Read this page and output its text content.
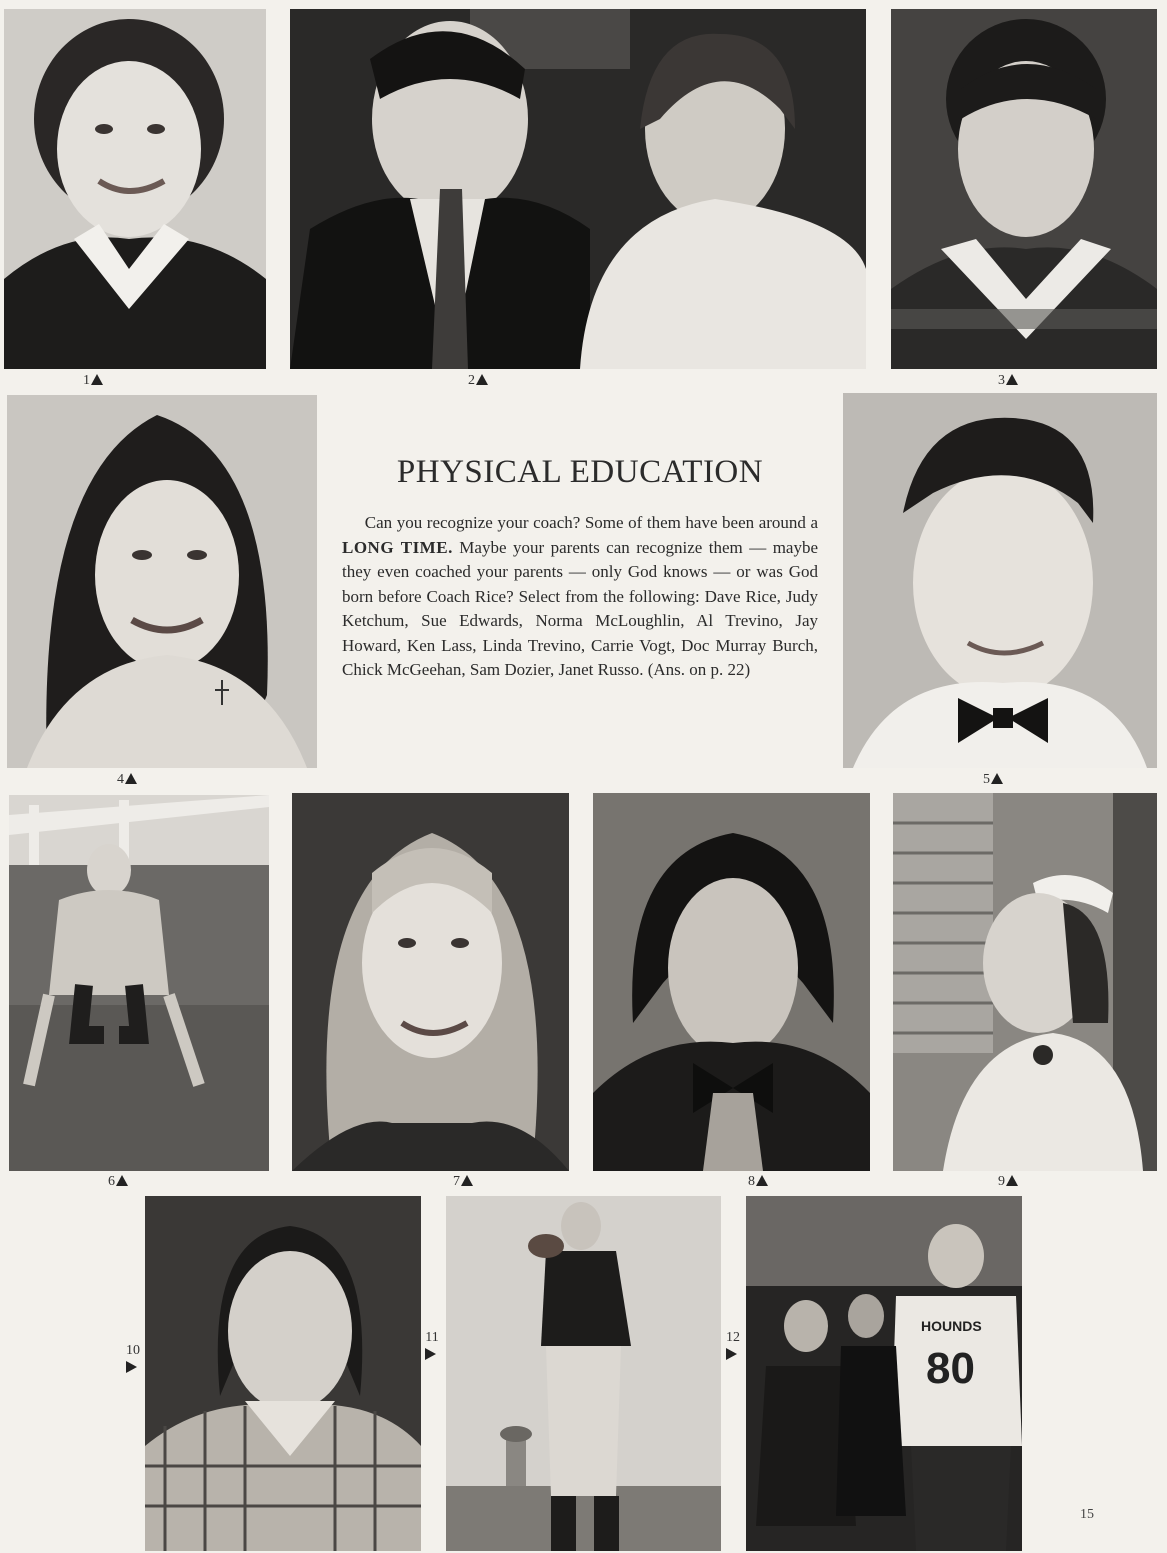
1	2	3
4
PHYSICAL EDUCATION
Can you recognize your coach? Some of them have been around a LONG TIME. Maybe your parents can recognize them — maybe they even coached your parents — only God knows — or was God born before Coach Rice? Select from the following: Dave Rice, Judy Ketchum, Sue Edwards, Norma McLoughlin, Al Trevino, Jay Howard, Ken Lass, Linda Trevino, Carrie Vogt, Doc Murray Burch, Chick McGeehan, Sam Dozier, Janet Russo. (Ans. on p. 22)
5
6	7	8	9
10
11	12
HOUNDS
80
15
